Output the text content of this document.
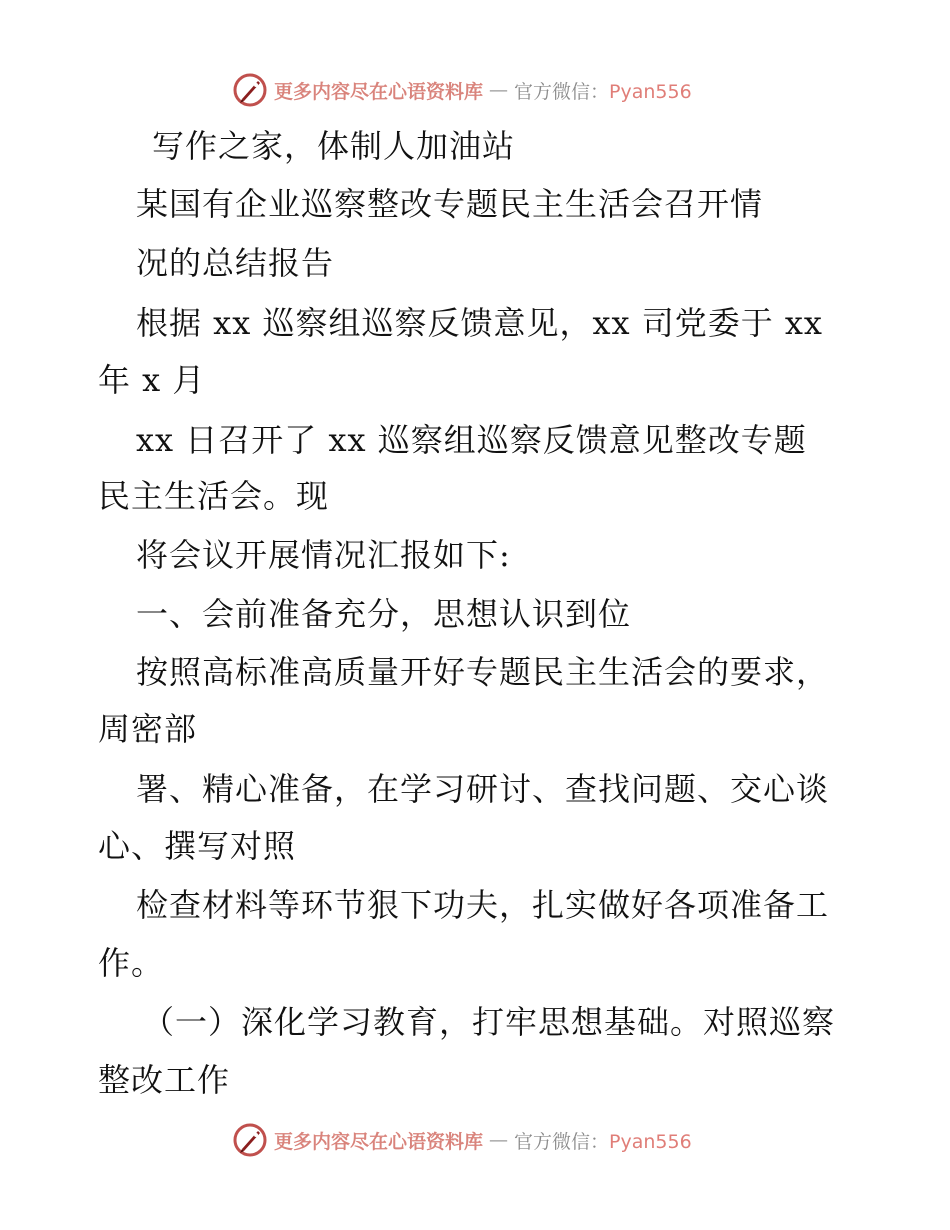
更多内容尽在心语资料库 — 官方微信：Pyan556
写作之家，体制人加油站
某国有企业巡察整改专题民主生活会召开情
况的总结报告
根据 xx 巡察组巡察反馈意见，xx 司党委于 xx
年 x 月
xx 日召开了 xx 巡察组巡察反馈意见整改专题
民主生活会。现
将会议开展情况汇报如下:
一、会前准备充分，思想认识到位
按照高标准高质量开好专题民主生活会的要求，
周密部
署、精心准备，在学习研讨、查找问题、交心谈
心、撰写对照
检查材料等环节狠下功夫，扎实做好各项准备工
作。
（一）深化学习教育，打牢思想基础。对照巡察
整改工作
更多内容尽在心语资料库 — 官方微信：Pyan556
